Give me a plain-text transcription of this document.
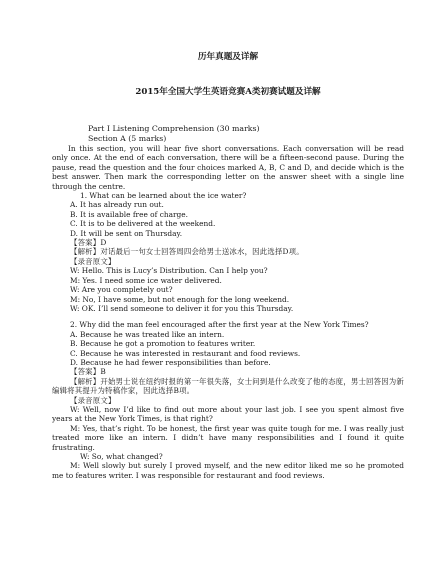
历年真题及详解

2015年全国大学生英语竞赛A类初赛试题及详解

Part Ⅰ Listening Comprehension (30 marks)

Section A (5 marks)

In this section, you will hear five short conversations. Each conversation will be read only once. At the end of each conversation, there will be a fifteen-second pause. During the pause, read the question and the four choices marked A, B, C and D, and decide which is the best answer. Then mark the corresponding letter on the answer sheet with a single line through the centre.

1. What can be learned about the ice water?

A. It has already run out.

B. It is available free of charge.

C. It is to be delivered at the weekend.

D. It will be sent on Thursday.

【答案】D

【解析】对话最后一句女士回答周四会给男士送冰水，因此选择D项。

【录音原文】

W: Hello. This is Lucy’s Distribution. Can I help you?

M: Yes. I need some ice water delivered.

W: Are you completely out?

M: No, I have some, but not enough for the long weekend.

W: OK. I’ll send someone to deliver it for you this Thursday.

2. Why did the man feel encouraged after the first year at the New York Times?

A. Because he was treated like an intern.

B. Because he got a promotion to features writer.

C. Because he was interested in restaurant and food reviews.

D. Because he had fewer responsibilities than before.

【答案】B

【解析】开始男士说在纽约时报的第一年很失落，女士问到是什么改变了他的态度，男士回答因为新编辑将其提升为特稿作家，因此选择B项。

【录音原文】

W: Well, now I’d like to find out more about your last job. I see you spent almost five years at the New York Times, is that right?

M: Yes, that’s right. To be honest, the first year was quite tough for me. I was really just treated more like an intern. I didn’t have many responsibilities and I found it quite frustrating.

W: So, what changed?

M: Well slowly but surely I proved myself, and the new editor liked me so he promoted me to features writer. I was responsible for restaurant and food reviews.
